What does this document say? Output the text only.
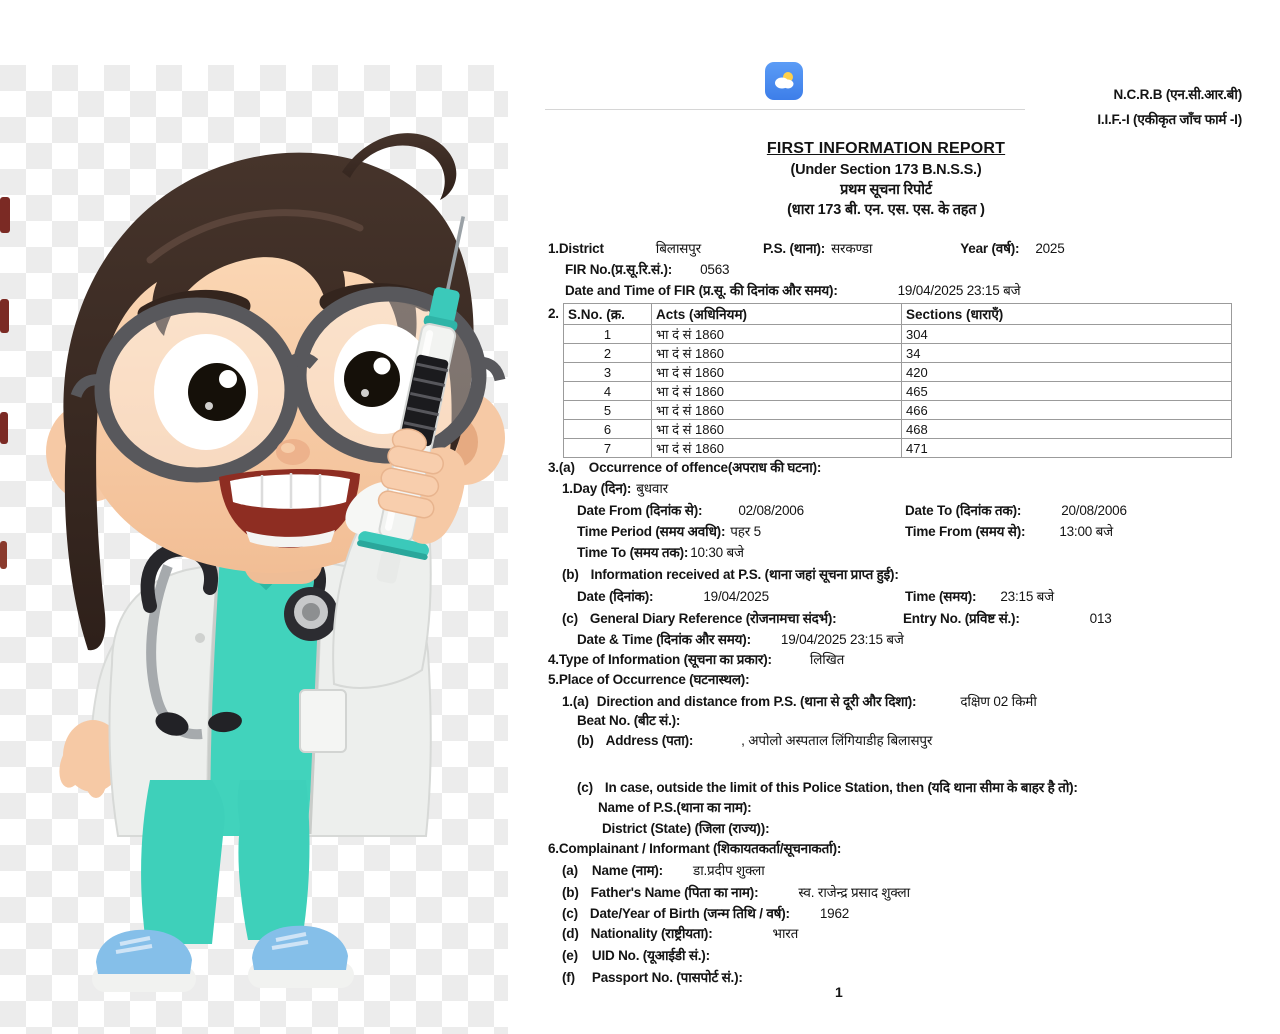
N.C.R.B (एन.सी.आर.बी)
I.I.F.-I (एकीकृत जाँच फार्म -I)
FIRST INFORMATION REPORT
(Under Section 173 B.N.S.S.)
प्रथम सूचना रिपोर्ट
(धारा 173 बी. एन. एस. एस. के तहत )
1.District	बिलासपुर	P.S. (थाना): सरकण्डा	Year (वर्ष): 2025
FIR No.(प्र.सू.रि.सं.): 0563
Date and Time of FIR (प्र.सू. की दिनांक और समय):	19/04/2025 23:15 बजे
2. S.No. (क्र.	Acts (अधिनियम)	Sections (धाराएँ)
1	भा दं सं 1860	304
2	भा दं सं 1860	34
3	भा दं सं 1860	420
4	भा दं सं 1860	465
5	भा दं सं 1860	466
6	भा दं सं 1860	468
7	भा दं सं 1860	471
3.(a) Occurrence of offence(अपराध की घटना):
1.Day (दिन): बुधवार
Date From (दिनांक से):	02/08/2006	Date To (दिनांक तक):	20/08/2006
Time Period (समय अवधि): पहर 5	Time From (समय से):	13:00 बजे
Time To (समय तक): 10:30 बजे
(b) Information received at P.S. (थाना जहां सूचना प्राप्त हुई):
Date (दिनांक):	19/04/2025	Time (समय): 23:15 बजे
(c) General Diary Reference (रोजनामचा संदर्भ):	Entry No. (प्रविष्ट सं.):	013
Date & Time (दिनांक और समय): 19/04/2025 23:15 बजे
4.Type of Information (सूचना का प्रकार):	लिखित
5.Place of Occurrence (घटनास्थल):
1.(a) Direction and distance from P.S. (थाना से दूरी और दिशा):	दक्षिण 02 किमी
Beat No. (बीट सं.):
(b) Address (पता):	, अपोलो अस्पताल लिंगियाडीह बिलासपुर
(c) In case, outside the limit of this Police Station, then (यदि थाना सीमा के बाहर है तो):
Name of P.S.(थाना का नाम):
District (State) (जिला (राज्य)):
6.Complainant / Informant (शिकायतकर्ता/सूचनाकर्ता):
(a) Name (नाम): डा.प्रदीप शुक्ला
(b) Father's Name (पिता का नाम):	स्व. राजेन्द्र प्रसाद शुक्ला
(c) Date/Year of Birth (जन्म तिथि / वर्ष): 1962
(d) Nationality (राष्ट्रीयता):	भारत
(e) UID No. (यूआईडी सं.):
(f) Passport No. (पासपोर्ट सं.):
1
